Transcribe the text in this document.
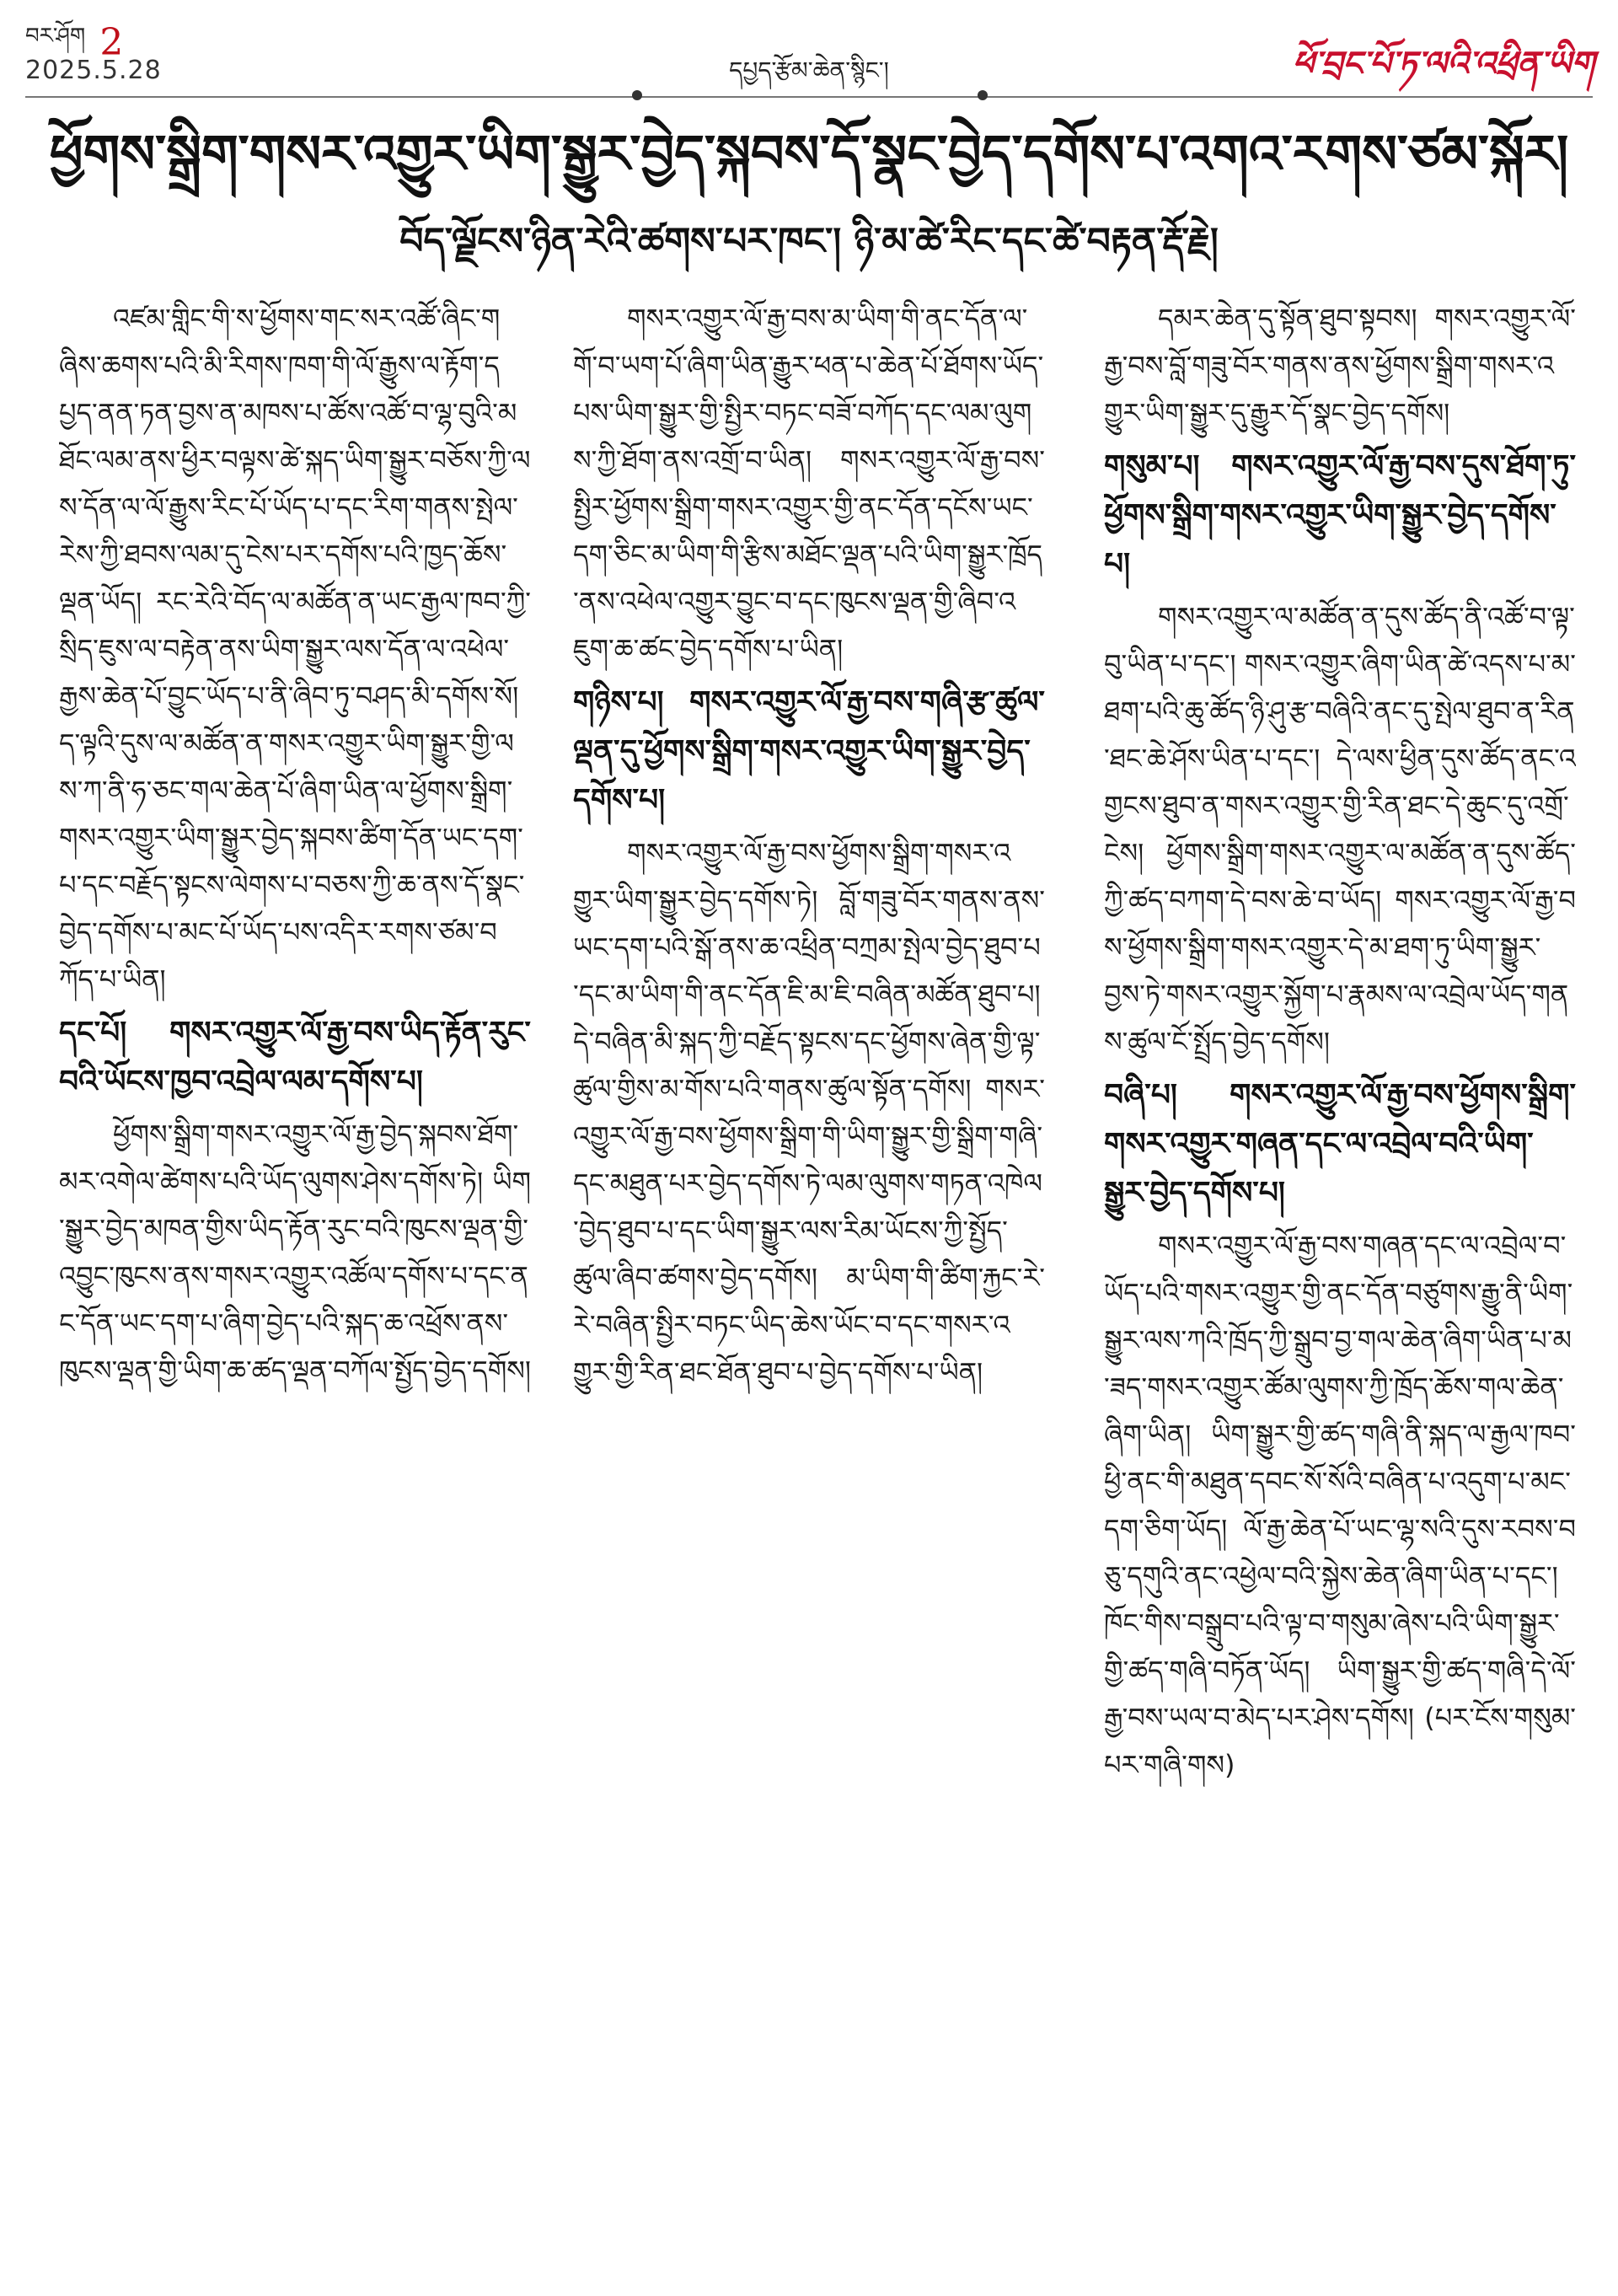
བར་ཤོག 2
2025.5.28	དཔྱད་རྩོམ་ཆེན་སྙིང་།	ཕོ་བྲང་པོ་ཏ་ལའི་འཕྲིན་ཡིག
ཕྱོགས་སྒྲིག་གསར་འགྱུར་ཡིག་སྒྱུར་བྱེད་སྐབས་དོ་སྣང་བྱེད་དགོས་པ་འགའ་རགས་ཙམ་སྐོར།
བོད་ལྗོངས་ཉིན་རེའི་ཚགས་པར་ཁང་། ཉི་མ་ཚེ་རིང་དང་ཚེ་བརྟན་རྡོ་རྗེ།

འཛམ་གླིང་གི་ས་ཕྱོགས་གང་སར་འཚོ་ཞིང་གཞིས་ཆགས་པའི་མི་རིགས་ཁག་གི་ལོ་རྒྱུས་ལ་རྟོག་དཔྱད་ནན་ཏན་བྱས་ན་མཁས་པ་ཚོས་འཚོ་བ་ལྷ་བུའི་མཐོང་ལམ་ནས་ཕྱིར་བལྟས་ཚེ་སྐད་ཡིག་སྒྱུར་བཅོས་ཀྱི་ལས་དོན་ལ་ལོ་རྒྱུས་རིང་པོ་ཡོད་པ་དང་རིག་གནས་སྤེལ་རེས་ཀྱི་ཐབས་ལམ་དུ་ངེས་པར་དགོས་པའི་ཁྱད་ཆོས་ལྡན་ཡོད། རང་རེའི་བོད་ལ་མཚོན་ན་ཡང་རྒྱལ་ཁབ་ཀྱི་སྲིད་ཇུས་ལ་བརྟེན་ནས་ཡིག་སྒྱུར་ལས་དོན་ལ་འཕེལ་རྒྱས་ཆེན་པོ་བྱུང་ཡོད་པ་ནི་ཞིབ་ཏུ་བཤད་མི་དགོས་སོ། ད་ལྟའི་དུས་ལ་མཚོན་ན་གསར་འགྱུར་ཡིག་སྒྱུར་གྱི་ལས་ཀ་ནི་ཧ་ཅང་གལ་ཆེན་པོ་ཞིག་ཡིན་ལ་ཕྱོགས་སྒྲིག་གསར་འགྱུར་ཡིག་སྒྱུར་བྱེད་སྐབས་ཚིག་དོན་ཡང་དག་པ་དང་བརྗོད་སྟངས་ལེགས་པ་བཅས་ཀྱི་ཆ་ནས་དོ་སྣང་བྱེད་དགོས་པ་མང་པོ་ཡོད་པས་འདིར་རགས་ཙམ་བཀོད་པ་ཡིན།

དང་པོ། གསར་འགྱུར་ལོ་རྒྱ་བས་ཡིད་རྟོན་རུང་བའི་ཡོངས་ཁྱབ་འབྲེལ་ལམ་དགོས་པ།

ཕྱོགས་སྒྲིག་གསར་འགྱུར་ལོ་རྒྱ་བྱེད་སྐབས་ཐོག་མར་འགེལ་ཚེགས་པའི་ཡོད་ལུགས་ཤེས་དགོས་ཏེ། ཡིག་སྒྱུར་བྱེད་མཁན་གྱིས་ཡིད་རྟོན་རུང་བའི་ཁུངས་ལྡན་གྱི་འབྱུང་ཁུངས་ནས་གསར་འགྱུར་འཚོལ་དགོས་པ་དང་ནང་དོན་ཡང་དག་པ་ཞིག་བྱེད་པའི་སྐད་ཆ་འཕྲོས་ནས་ཁུངས་ལྡན་གྱི་ཡིག་ཆ་ཚད་ལྡན་བཀོལ་སྤྱོད་བྱེད་དགོས།

གསར་འགྱུར་ལོ་རྒྱ་བས་མ་ཡིག་གི་ནང་དོན་ལ་གོ་བ་ཡག་པོ་ཞིག་ཡིན་རྒྱུར་ཕན་པ་ཆེན་པོ་ཐོགས་ཡོད་པས་ཡིག་སྒྱུར་གྱི་སྤྱིར་བཏང་བཟོ་བཀོད་དང་ལམ་ལུགས་ཀྱི་ཐོག་ནས་འགྲོ་བ་ཡིན། གསར་འགྱུར་ལོ་རྒྱ་བས་སྤྱིར་ཕྱོགས་སྒྲིག་གསར་འགྱུར་གྱི་ནང་དོན་དངོས་ཡང་དག་ཅིང་མ་ཡིག་གི་རྩིས་མཐོང་ལྡན་པའི་ཡིག་སྒྱུར་ཁྲོད་ནས་འཕེལ་འགྱུར་བྱུང་བ་དང་ཁུངས་ལྡན་གྱི་ཞིབ་འཇུག་ཆ་ཚང་བྱེད་དགོས་པ་ཡིན།

གཉིས་པ། གསར་འགྱུར་ལོ་རྒྱ་བས་གཞི་རྩ་ཚུལ་ལྡན་དུ་ཕྱོགས་སྒྲིག་གསར་འགྱུར་ཡིག་སྒྱུར་བྱེད་དགོས་པ།

གསར་འགྱུར་ལོ་རྒྱ་བས་ཕྱོགས་སྒྲིག་གསར་འགྱུར་ཡིག་སྒྱུར་བྱེད་དགོས་ཏེ། བློ་གཟུ་བོར་གནས་ནས་ཡང་དག་པའི་སྒོ་ནས་ཆ་འཕྲིན་བཀྲམ་སྤེལ་བྱེད་ཐུབ་པ་དང་མ་ཡིག་གི་ནང་དོན་ཇི་མ་ཇི་བཞིན་མཚོན་ཐུབ་པ། དེ་བཞིན་མི་སྐད་ཀྱི་བརྗོད་སྟངས་དང་ཕྱོགས་ཞེན་གྱི་ལྟ་ཚུལ་གྱིས་མ་གོས་པའི་གནས་ཚུལ་སྟོན་དགོས། གསར་འགྱུར་ལོ་རྒྱ་བས་ཕྱོགས་སྒྲིག་གི་ཡིག་སྒྱུར་གྱི་སྒྲིག་གཞི་དང་མཐུན་པར་བྱེད་དགོས་ཏེ་ལམ་ལུགས་གཏན་འཁེལ་བྱེད་ཐུབ་པ་དང་ཡིག་སྒྱུར་ལས་རིམ་ཡོངས་ཀྱི་སྤྱོད་ཚུལ་ཞིབ་ཚགས་བྱེད་དགོས། མ་ཡིག་གི་ཚིག་རྐྱང་རེ་རེ་བཞིན་སྤྱིར་བཏང་ཡིད་ཆེས་ཡོང་བ་དང་གསར་འགྱུར་གྱི་རིན་ཐང་ཐོན་ཐུབ་པ་བྱེད་དགོས་པ་ཡིན།

དམར་ཆེན་དུ་སྟོན་ཐུབ་སྟབས། གསར་འགྱུར་ལོ་རྒྱ་བས་བློ་གཟུ་བོར་གནས་ནས་ཕྱོགས་སྒྲིག་གསར་འགྱུར་ཡིག་སྒྱུར་དུ་རྒྱུར་དོ་སྣང་བྱེད་དགོས།

གསུམ་པ། གསར་འགྱུར་ལོ་རྒྱ་བས་དུས་ཐོག་ཏུ་ཕྱོགས་སྒྲིག་གསར་འགྱུར་ཡིག་སྒྱུར་བྱེད་དགོས་པ།

གསར་འགྱུར་ལ་མཚོན་ན་དུས་ཚོད་ནི་འཚོ་བ་ལྟ་བུ་ཡིན་པ་དང་། གསར་འགྱུར་ཞིག་ཡིན་ཚེ་འདས་པ་མ་ཐག་པའི་ཆུ་ཚོད་ཉི་ཤུ་རྩ་བཞིའི་ནང་དུ་སྤེལ་ཐུབ་ན་རིན་ཐང་ཆེ་ཤོས་ཡིན་པ་དང་། དེ་ལས་ཕྱིན་དུས་ཚོད་ནང་འགྱངས་ཐུབ་ན་གསར་འགྱུར་གྱི་རིན་ཐང་དེ་ཆུང་དུ་འགྲོ་ངེས། ཕྱོགས་སྒྲིག་གསར་འགྱུར་ལ་མཚོན་ན་དུས་ཚོད་ཀྱི་ཚད་བཀག་དེ་བས་ཆེ་བ་ཡོད། གསར་འགྱུར་ལོ་རྒྱ་བས་ཕྱོགས་སྒྲིག་གསར་འགྱུར་དེ་མ་ཐག་ཏུ་ཡིག་སྒྱུར་བྱས་ཏེ་གསར་འགྱུར་སྐྱོག་པ་རྣམས་ལ་འབྲེལ་ཡོད་གནས་ཚུལ་ངོ་སྤྲོད་བྱེད་དགོས།

བཞི་པ། གསར་འགྱུར་ལོ་རྒྱ་བས་ཕྱོགས་སྒྲིག་གསར་འགྱུར་གཞན་དང་ལ་འབྲེལ་བའི་ཡིག་སྒྱུར་བྱེད་དགོས་པ།

གསར་འགྱུར་ལོ་རྒྱ་བས་གཞན་དང་ལ་འབྲེལ་བ་ཡོད་པའི་གསར་འགྱུར་གྱི་ནང་དོན་བཙུགས་རྒྱུ་ནི་ཡིག་སྒྱུར་ལས་ཀའི་ཁྲོད་ཀྱི་སྒྲུབ་བྱ་གལ་ཆེན་ཞིག་ཡིན་པ་མ་ཟད་གསར་འགྱུར་ཚོམ་ལུགས་ཀྱི་ཁྲོད་ཆོས་གལ་ཆེན་ཞིག་ཡིན། ཡིག་སྒྱུར་གྱི་ཚད་གཞི་ནི་སྐད་ལ་རྒྱལ་ཁབ་ཕྱི་ནང་གི་མཐུན་དབང་སོ་སོའི་བཞིན་པ་འདུག་པ་མང་དག་ཅིག་ཡོད། ལོ་རྒྱ་ཆེན་པོ་ཡང་ལྷ་སའི་དུས་རབས་བཅུ་དགུའི་ནང་འཕྱེལ་བའི་སྐྱེས་ཆེན་ཞིག་ཡིན་པ་དང་། ཁོང་གིས་བསྒྲུབ་པའི་ལྟ་བ་གསུམ་ཞེས་པའི་ཡིག་སྒྱུར་གྱི་ཚད་གཞི་བཏོན་ཡོད། ཡིག་སྒྱུར་གྱི་ཚད་གཞི་དེ་ལོ་རྒྱ་བས་ཡལ་བ་མེད་པར་ཤེས་དགོས། (པར་ངོས་གསུམ་པར་གཞི་གས)
